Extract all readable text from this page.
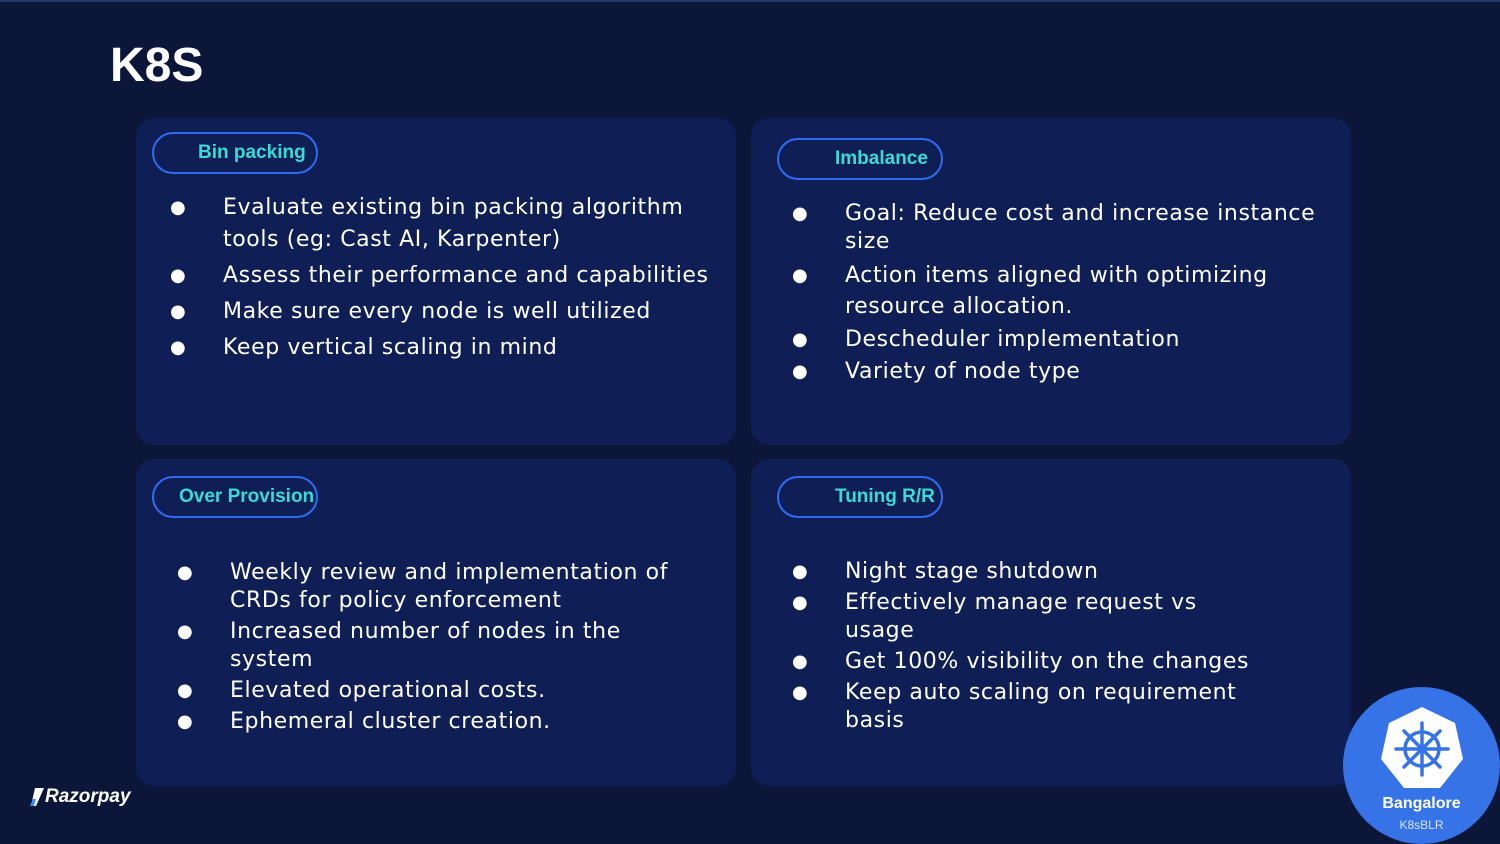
K8S
Bin packing
● Evaluate existing bin packing algorithm
tools (eg: Cast AI, Karpenter)
● Assess their performance and capabilities
● Make sure every node is well utilized
● Keep vertical scaling in mind
Imbalance
● Goal: Reduce cost and increase instance
size
● Action items aligned with optimizing
resource allocation.
● Descheduler implementation
● Variety of node type
Over Provision
● Weekly review and implementation of
CRDs for policy enforcement
● Increased number of nodes in the
system
● Elevated operational costs.
● Ephemeral cluster creation.
Tuning R/R
● Night stage shutdown
● Effectively manage request vs
usage
● Get 100% visibility on the changes
● Keep auto scaling on requirement
basis
Razorpay	Bangalore
K8sBLR
